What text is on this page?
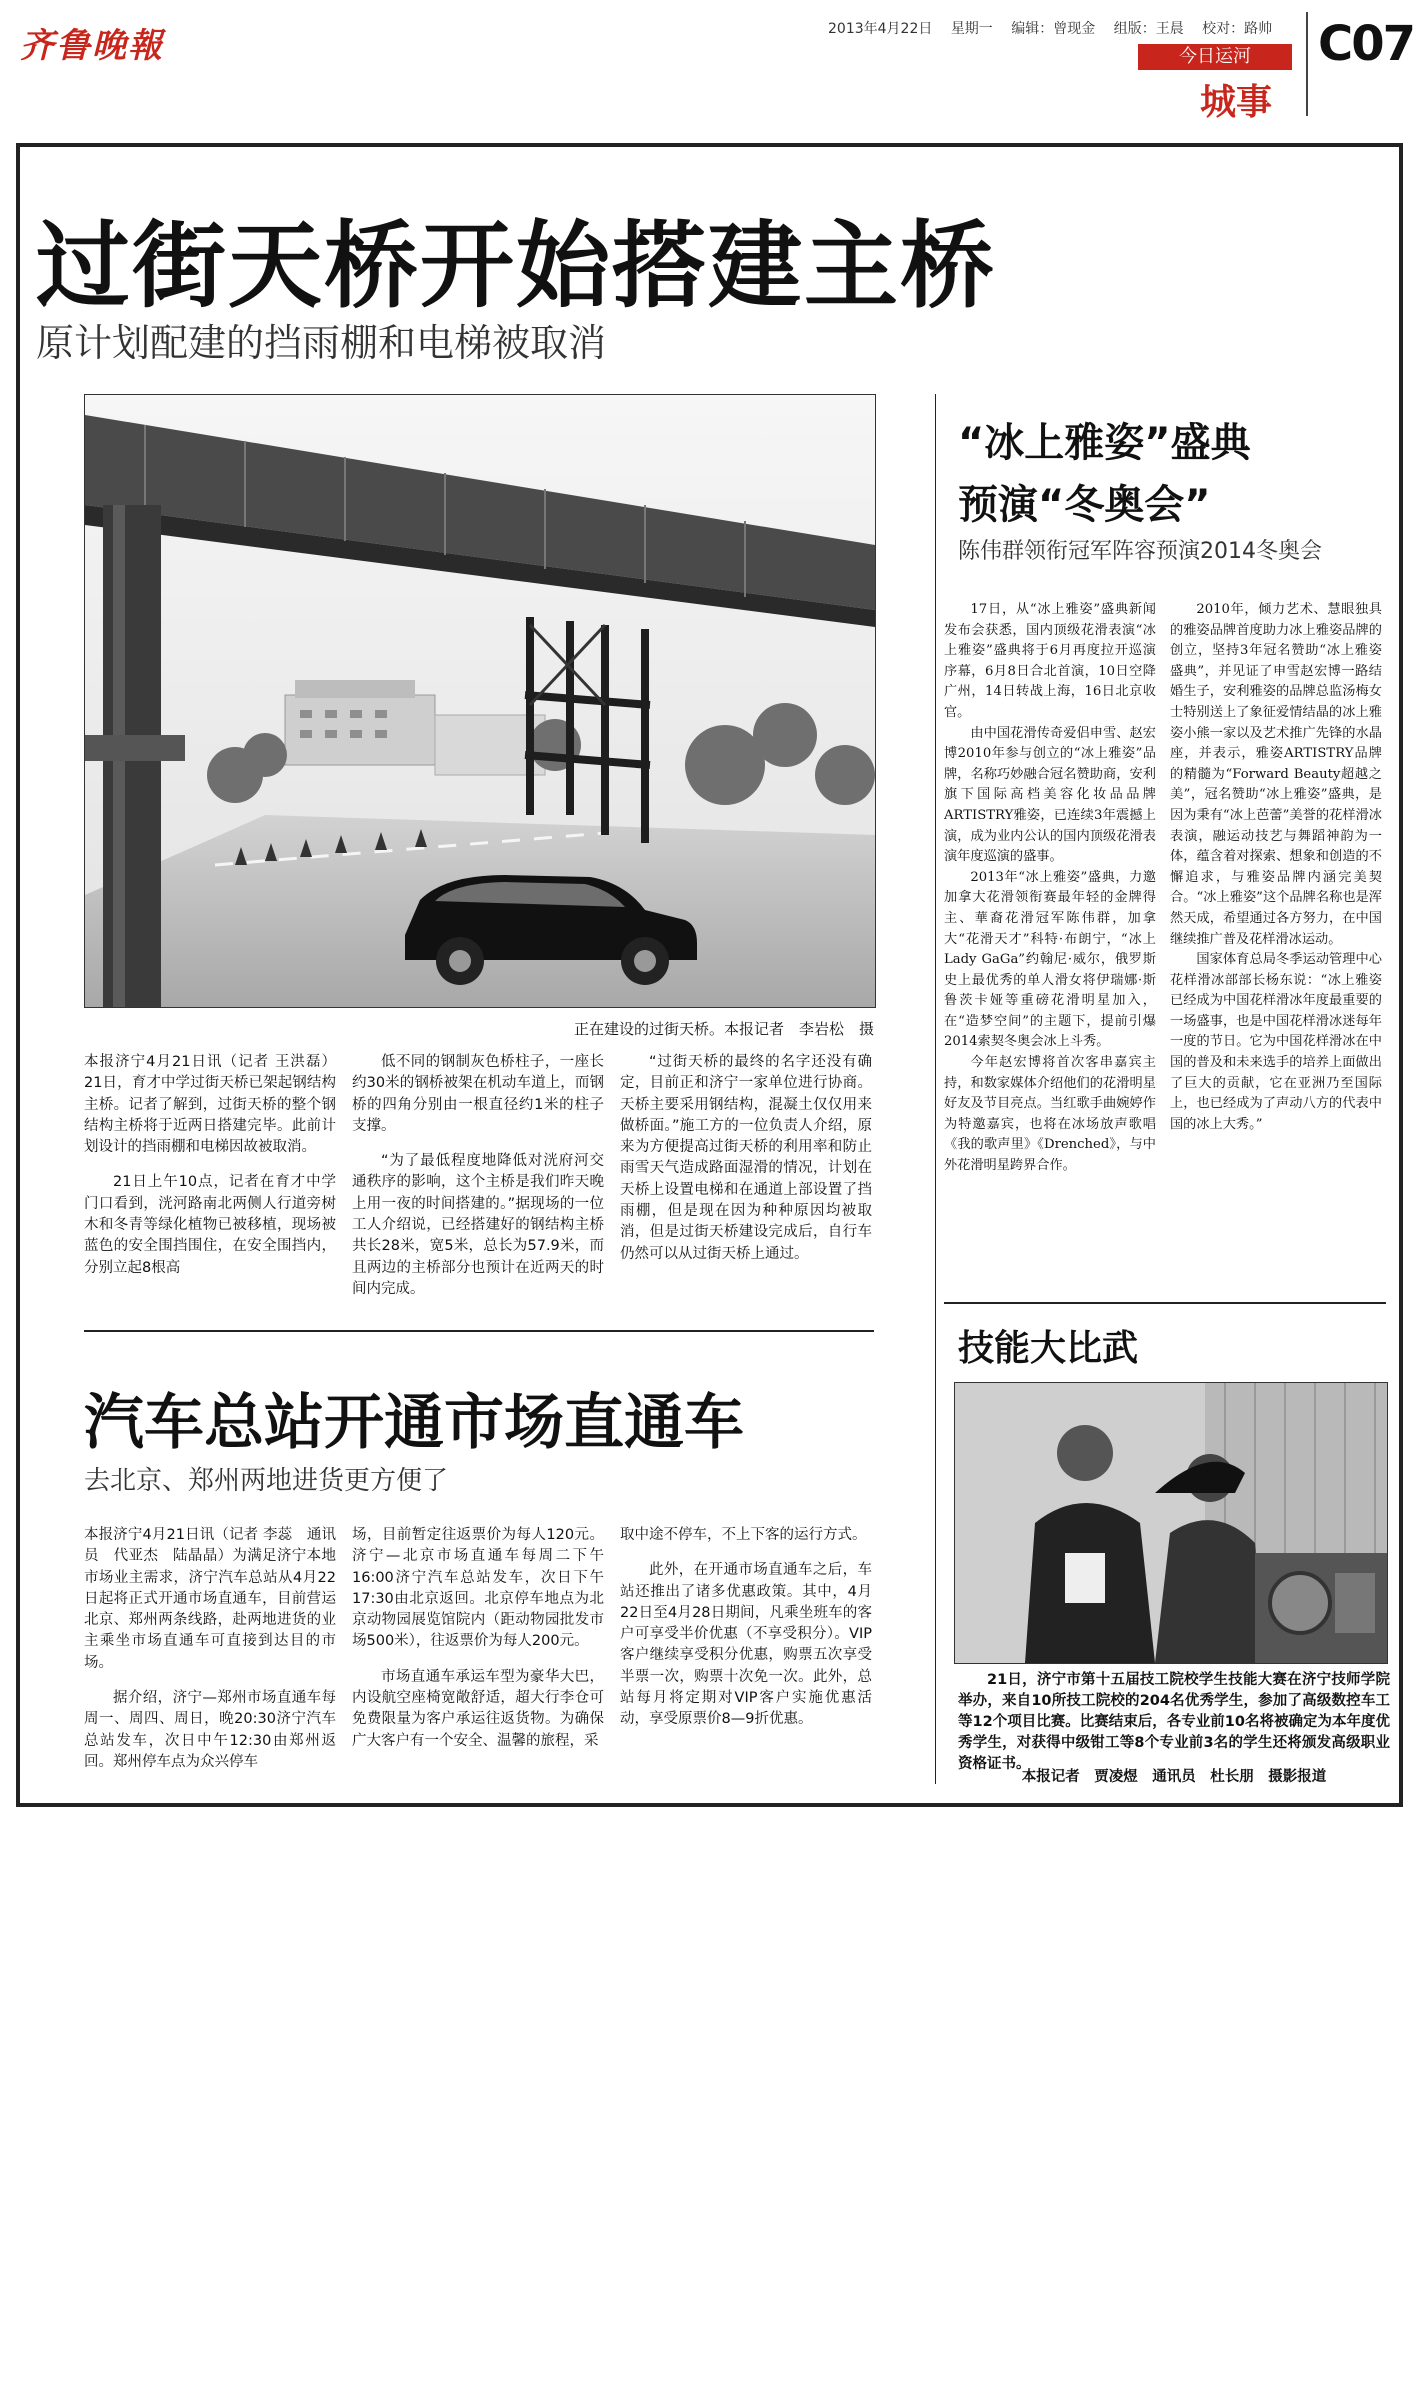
齐鲁晚報	2013年4月22日 星期一 编辑：曾现金 组版：王晨 校对：路帅
今日运河
城事
C07
过街天桥开始搭建主桥
原计划配建的挡雨棚和电梯被取消
正在建设的过街天桥。本报记者　李岩松　摄

本报济宁4月21日讯（记者 王洪磊） 21日，育才中学过街天桥已架起钢结构主桥。记者了解到，过街天桥的整个钢结构主桥将于近两日搭建完毕。此前计划设计的挡雨棚和电梯因故被取消。

21日上午10点，记者在育才中学门口看到，洸河路南北两侧人行道旁树木和冬青等绿化植物已被移植，现场被蓝色的安全围挡围住，在安全围挡内，分别立起8根高

低不同的钢制灰色桥柱子，一座长约30米的钢桥被架在机动车道上，而钢桥的四角分别由一根直径约1米的柱子支撑。

“为了最低程度地降低对洸府河交通秩序的影响，这个主桥是我们昨天晚上用一夜的时间搭建的。”据现场的一位工人介绍说，已经搭建好的钢结构主桥共长28米，宽5米，总长为57.9米，而且两边的主桥部分也预计在近两天的时间内完成。

“过街天桥的最终的名字还没有确定，目前正和济宁一家单位进行协商。天桥主要采用钢结构，混凝土仅仅用来做桥面。”施工方的一位负责人介绍，原来为方便提高过街天桥的利用率和防止雨雪天气造成路面湿滑的情况，计划在天桥上设置电梯和在通道上部设置了挡雨棚，但是现在因为种种原因均被取消，但是过街天桥建设完成后，自行车仍然可以从过街天桥上通过。

汽车总站开通市场直通车
去北京、郑州两地进货更方便了

本报济宁4月21日讯（记者 李蕊　通讯员　代亚杰　陆晶晶）为满足济宁本地市场业主需求，济宁汽车总站从4月22日起将正式开通市场直通车，目前营运北京、郑州两条线路，赴两地进货的业主乘坐市场直通车可直接到达目的市场。

据介绍，济宁—郑州市场直通车每周一、周四、周日，晚20:30济宁汽车总站发车，次日中午12:30由郑州返回。郑州停车点为众兴停车

场，目前暂定往返票价为每人120元。济宁—北京市场直通车每周二下午16:00济宁汽车总站发车，次日下午17:30由北京返回。北京停车地点为北京动物园展览馆院内（距动物园批发市场500米），往返票价为每人200元。

市场直通车承运车型为豪华大巴，内设航空座椅宽敞舒适，超大行李仓可免费限量为客户承运往返货物。为确保广大客户有一个安全、温馨的旅程，采

取中途不停车，不上下客的运行方式。

此外，在开通市场直通车之后，车站还推出了诸多优惠政策。其中，4月22日至4月28日期间，凡乘坐班车的客户可享受半价优惠（不享受积分）。VIP客户继续享受积分优惠，购票五次享受半票一次，购票十次免一次。此外，总站每月将定期对VIP客户实施优惠活动，享受原票价8—9折优惠。

“冰上雅姿”盛典
预演“冬奥会”
陈伟群领衔冠军阵容预演2014冬奥会

17日，从“冰上雅姿”盛典新闻发布会获悉，国内顶级花滑表演“冰上雅姿”盛典将于6月再度拉开巡演序幕，6月8日合北首演，10日空降广州，14日转战上海，16日北京收官。

由中国花滑传奇爱侣申雪、赵宏博2010年参与创立的“冰上雅姿”品牌，名称巧妙融合冠名赞助商，安利旗下国际高档美容化妆品品牌ARTISTRY雅姿，已连续3年震撼上演，成为业内公认的国内顶级花滑表演年度巡演的盛事。

2013年“冰上雅姿”盛典，力邀加拿大花滑领衔赛最年轻的金牌得主、華裔花滑冠军陈伟群，加拿大“花滑天才”科特·布朗宁，“冰上Lady GaGa”约翰尼·威尔，俄罗斯史上最优秀的单人滑女将伊瑞娜·斯鲁茨卡娅等重磅花滑明星加入，在“造梦空间”的主题下，提前引爆2014索契冬奥会冰上斗秀。

今年赵宏博将首次客串嘉宾主持，和数家媒体介绍他们的花滑明星好友及节目亮点。当红歌手曲婉婷作为特邀嘉宾，也将在冰场放声歌唱《我的歌声里》《Drenched》，与中外花滑明星跨界合作。

2010年，倾力艺术、慧眼独具的雅姿品牌首度助力冰上雅姿品牌的创立，坚持3年冠名赞助“冰上雅姿盛典”，并见证了申雪赵宏博一路结婚生子，安利雅姿的品牌总监汤梅女士特别送上了象征爱情结晶的冰上雅姿小熊一家以及艺术推广先锋的水晶座，并表示，雅姿ARTISTRY品牌的精髓为“Forward Beauty超越之美”，冠名赞助“冰上雅姿”盛典，是因为秉有“冰上芭蕾”美誉的花样滑冰表演，融运动技艺与舞蹈神韵为一体，蕴含着对探索、想象和创造的不懈追求，与雅姿品牌内涵完美契合。“冰上雅姿”这个品牌名称也是浑然天成，希望通过各方努力，在中国继续推广普及花样滑冰运动。

国家体育总局冬季运动管理中心花样滑冰部部长杨东说：“冰上雅姿已经成为中国花样滑冰年度最重要的一场盛事，也是中国花样滑冰迷每年一度的节日。它为中国花样滑冰在中国的普及和未来选手的培养上面做出了巨大的贡献，它在亚洲乃至国际上，也已经成为了声动八方的代表中国的冰上大秀。”

技能大比武

21日，济宁市第十五届技工院校学生技能大赛在济宁技师学院举办，来自10所技工院校的204名优秀学生，参加了高级数控车工等12个项目比赛。比赛结束后，各专业前10名将被确定为本年度优秀学生，对获得中级钳工等8个专业前3名的学生还将颁发高级职业资格证书。

本报记者　贾凌煜　通讯员　杜长朋　摄影报道
